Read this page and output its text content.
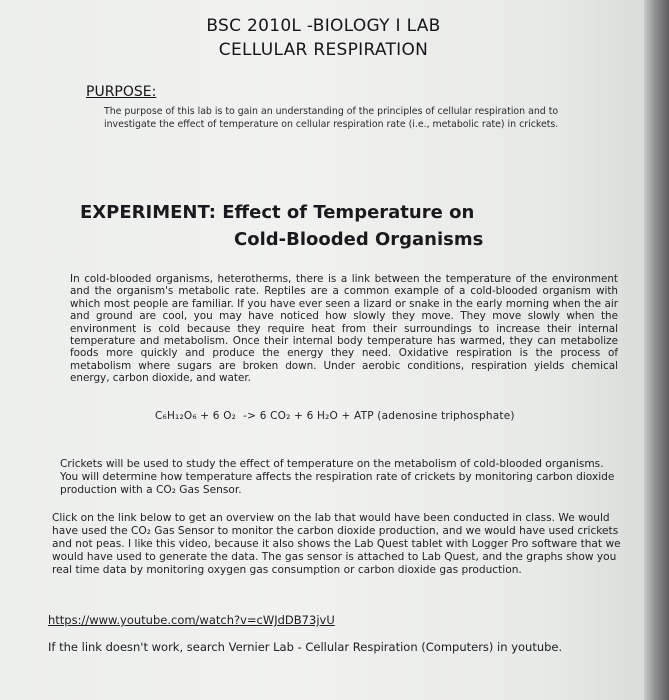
BSC 2010L -BIOLOGY I LAB
CELLULAR RESPIRATION
PURPOSE:
The purpose of this lab is to gain an understanding of the principles of cellular respiration and to investigate the effect of temperature on cellular respiration rate (i.e., metabolic rate) in crickets.
EXPERIMENT: Effect of Temperature on
Cold-Blooded Organisms
In cold-blooded organisms, heterotherms, there is a link between the temperature of the environment and the organism's metabolic rate. Reptiles are a common example of a cold-blooded organism with which most people are familiar. If you have ever seen a lizard or snake in the early morning when the air and ground are cool, you may have noticed how slowly they move. They move slowly when the environment is cold because they require heat from their surroundings to increase their internal temperature and metabolism. Once their internal body temperature has warmed, they can metabolize foods more quickly and produce the energy they need. Oxidative respiration is the process of metabolism where sugars are broken down. Under aerobic conditions, respiration yields chemical energy, carbon dioxide, and water.
C₆H₁₂O₆ + 6 O₂  -> 6 CO₂ + 6 H₂O + ATP (adenosine triphosphate)
Crickets will be used to study the effect of temperature on the metabolism of cold-blooded organisms. You will determine how temperature affects the respiration rate of crickets by monitoring carbon dioxide production with a CO₂ Gas Sensor.
Click on the link below to get an overview on the lab that would have been conducted in class. We would have used the CO₂ Gas Sensor to monitor the carbon dioxide production, and we would have used crickets and not peas. I like this video, because it also shows the Lab Quest tablet with Logger Pro software that we would have used to generate the data. The gas sensor is attached to Lab Quest, and the graphs show you real time data by monitoring oxygen gas consumption or carbon dioxide gas production.
https://www.youtube.com/watch?v=cWJdDB73jvU
If the link doesn't work, search Vernier Lab - Cellular Respiration (Computers) in youtube.
